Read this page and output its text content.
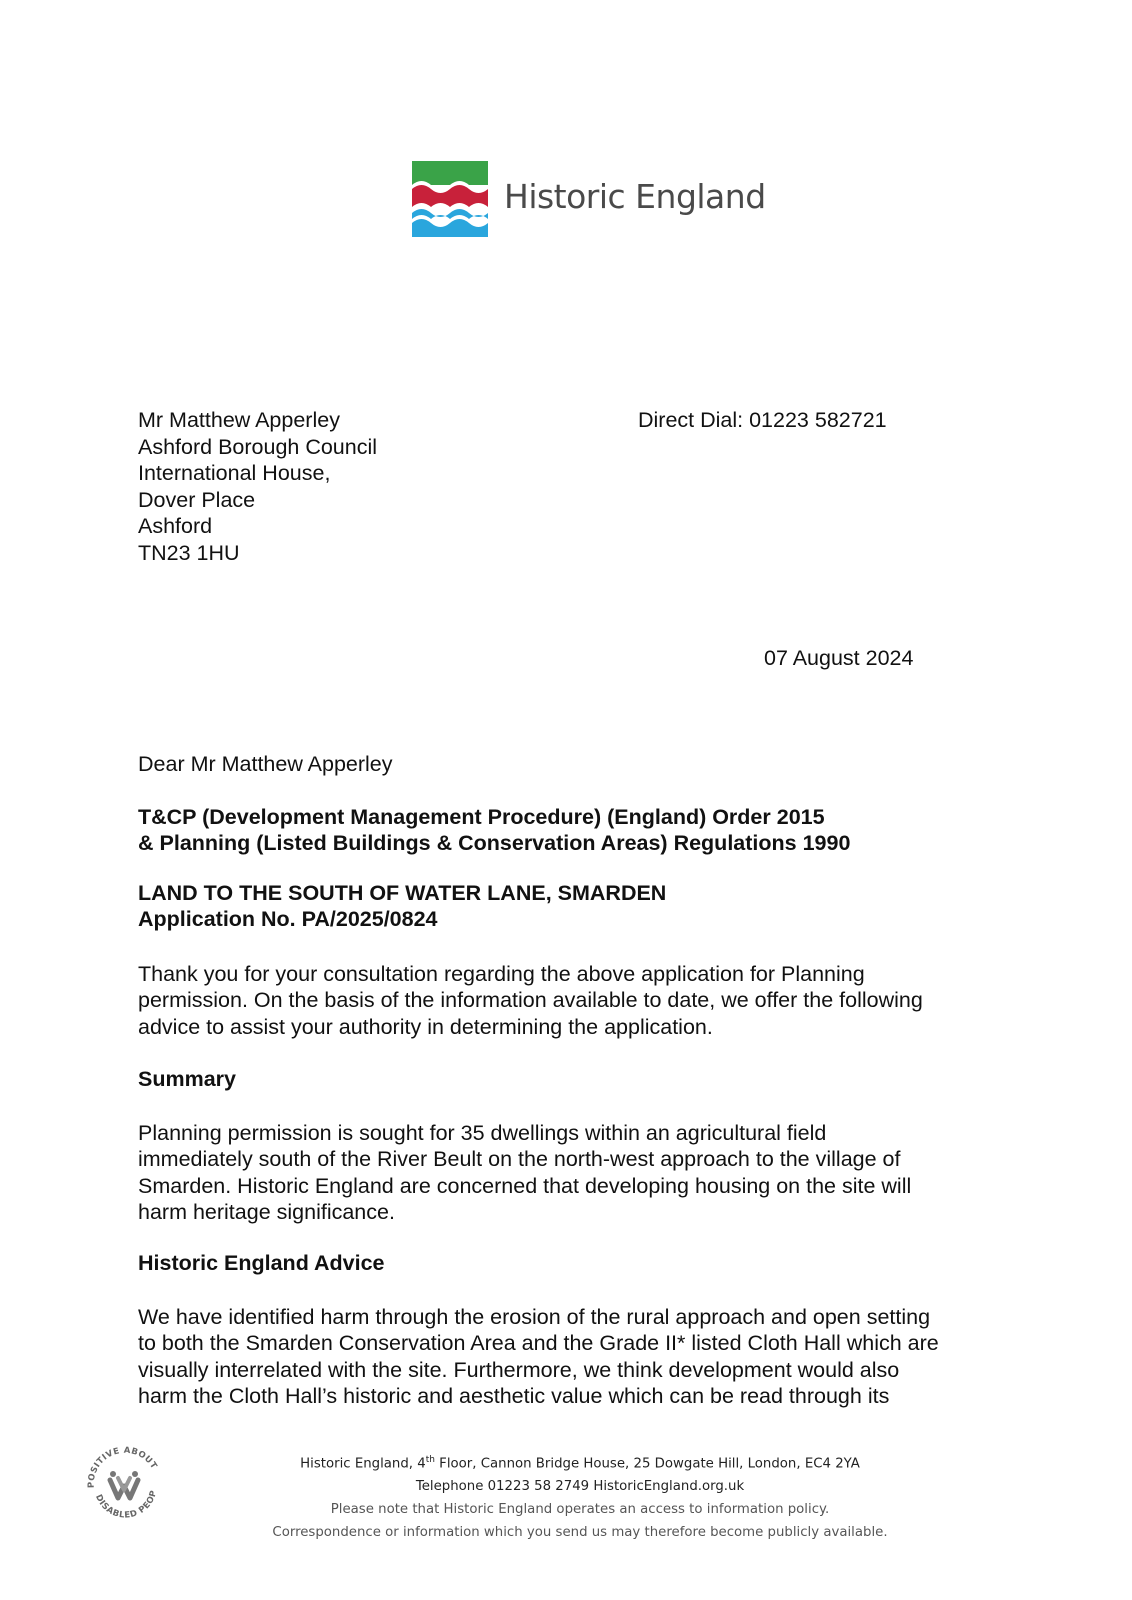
Historic England
Mr Matthew Apperley
Ashford Borough Council
International House,
Dover Place
Ashford
TN23 1HU
Direct Dial: 01223 582721
07 August 2024
Dear Mr Matthew Apperley
T&CP (Development Management Procedure) (England) Order 2015
& Planning (Listed Buildings & Conservation Areas) Regulations 1990
LAND TO THE SOUTH OF WATER LANE, SMARDEN
Application No. PA/2025/0824
Thank you for your consultation regarding the above application for Planning
permission. On the basis of the information available to date, we offer the following
advice to assist your authority in determining the application.
Summary
Planning permission is sought for 35 dwellings within an agricultural field
immediately south of the River Beult on the north-west approach to the village of
Smarden. Historic England are concerned that developing housing on the site will
harm heritage significance.
Historic England Advice
We have identified harm through the erosion of the rural approach and open setting
to both the Smarden Conservation Area and the Grade II* listed Cloth Hall which are
visually interrelated with the site. Furthermore, we think development would also
harm the Cloth Hall’s historic and aesthetic value which can be read through its
POSITIVE ABOUT
DISABLED PEOP
Historic England, 4th Floor, Cannon Bridge House, 25 Dowgate Hill, London, EC4 2YA
Telephone 01223 58 2749 HistoricEngland.org.uk
Please note that Historic England operates an access to information policy.
Correspondence or information which you send us may therefore become publicly available.
